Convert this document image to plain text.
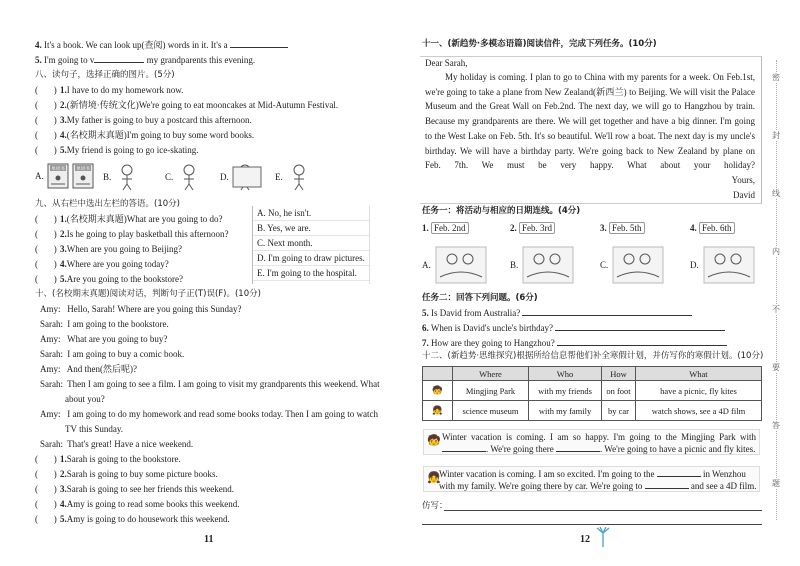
4. It's a book. We can look up(查阅) words in it. It's a
5. I'm going to v	my grandparents this evening.
八、读句子，选择正确的图片。(5分)
九、从右栏中选出左栏的答语。(10分)
A. No, he isn't.
B. Yes, we are.
C. Next month.
D. I'm going to draw pictures.
E. I'm going to the hospital.
十、(名校期末真题)阅读对话，判断句子正(T)误(F)。(10分)
11
十一、(新趋势·多模态语篇)阅读信件，完成下列任务。(10分)
Dear Sarah,
Yours,
David
任务一：将活动与相应的日期连线。(4分)
任务二：回答下列问题。(6分)
十二、(新趋势·思维探究)根据所给信息帮他们补全寒假计划，并仿写你的寒假计划。(10分)
	Where	Who	How	What
🧒	Mingjing Park	with my friends	on foot	have a picnic, fly kites
👧	science museum	with my family	by car	watch shows, see a 4D film
🧒 Winter vacation is coming. I am so happy. I'm going to the Mingjing Park with
. We're going there	. We're going to have a picnic and fly kites.
👧
Winter vacation is coming. I am so excited. I'm going to the	in Wenzhou
with my family. We're going there by car. We're going to	and see a 4D film.
仿写：
12
密
封
线
内
不
要
答
题
(       ) 1.I have to do my homework now.
(       ) 2.(新情境·传统文化)We're going to eat mooncakes at Mid-Autumn Festival.
(       ) 3.My father is going to buy a postcard this afternoon.
(       ) 4.(名校期末真题)I'm going to buy some word books.
(       ) 5.My friend is going to go ice-skating.
(       ) 1.(名校期末真题)What are you going to do?
(       ) 2.Is he going to play basketball this afternoon?
(       ) 3.When are you going to Beijing?
(       ) 4.Where are you going today?
(       ) 5.Are you going to the bookstore?
(       ) 1.Sarah is going to the bookstore.
(       ) 2.Sarah is going to buy some picture books.
(       ) 3.Sarah is going to see her friends this weekend.
(       ) 4.Amy is going to read some books this weekend.
(       ) 5.Amy is going to do housework this weekend.
A.
单词书	单词书
B.	C.	D.	E.
Amy: Hello, Sarah! Where are you going this Sunday?
Sarah: I am going to the bookstore.
Amy: What are you going to buy?
Sarah: I am going to buy a comic book.
Amy: And then(然后呢)?
Sarah: Then I am going to see a film. I am going to visit my grandparents this weekend. What
about you?
Amy: I am going to do my homework and read some books today. Then I am going to watch
TV this Sunday.
Sarah: That's great! Have a nice weekend.
My holiday is coming. I plan to go to China with my parents for a week. On Feb.1st,
we're going to take a plane from New Zealand(新西兰) to Beijing. We will visit the Palace
Museum and the Great Wall on Feb.2nd. The next day, we will go to Hangzhou by train.
Because my grandparents are there. We will get together and have a big dinner. I'm going
to the West Lake on Feb. 5th. It's so beautiful. We'll row a boat. The next day is my uncle's
birthday. We will have a birthday party. We're going back to New Zealand by plane on
Feb. 7th. We must be very happy. What about your holiday?
1. Feb. 2nd
A.
2. Feb. 3rd
B.
3. Feb. 5th
C.
4. Feb. 6th
D.
5. Is David from Australia?
6. When is David's uncle's birthday?
7. How are they going to Hangzhou?
